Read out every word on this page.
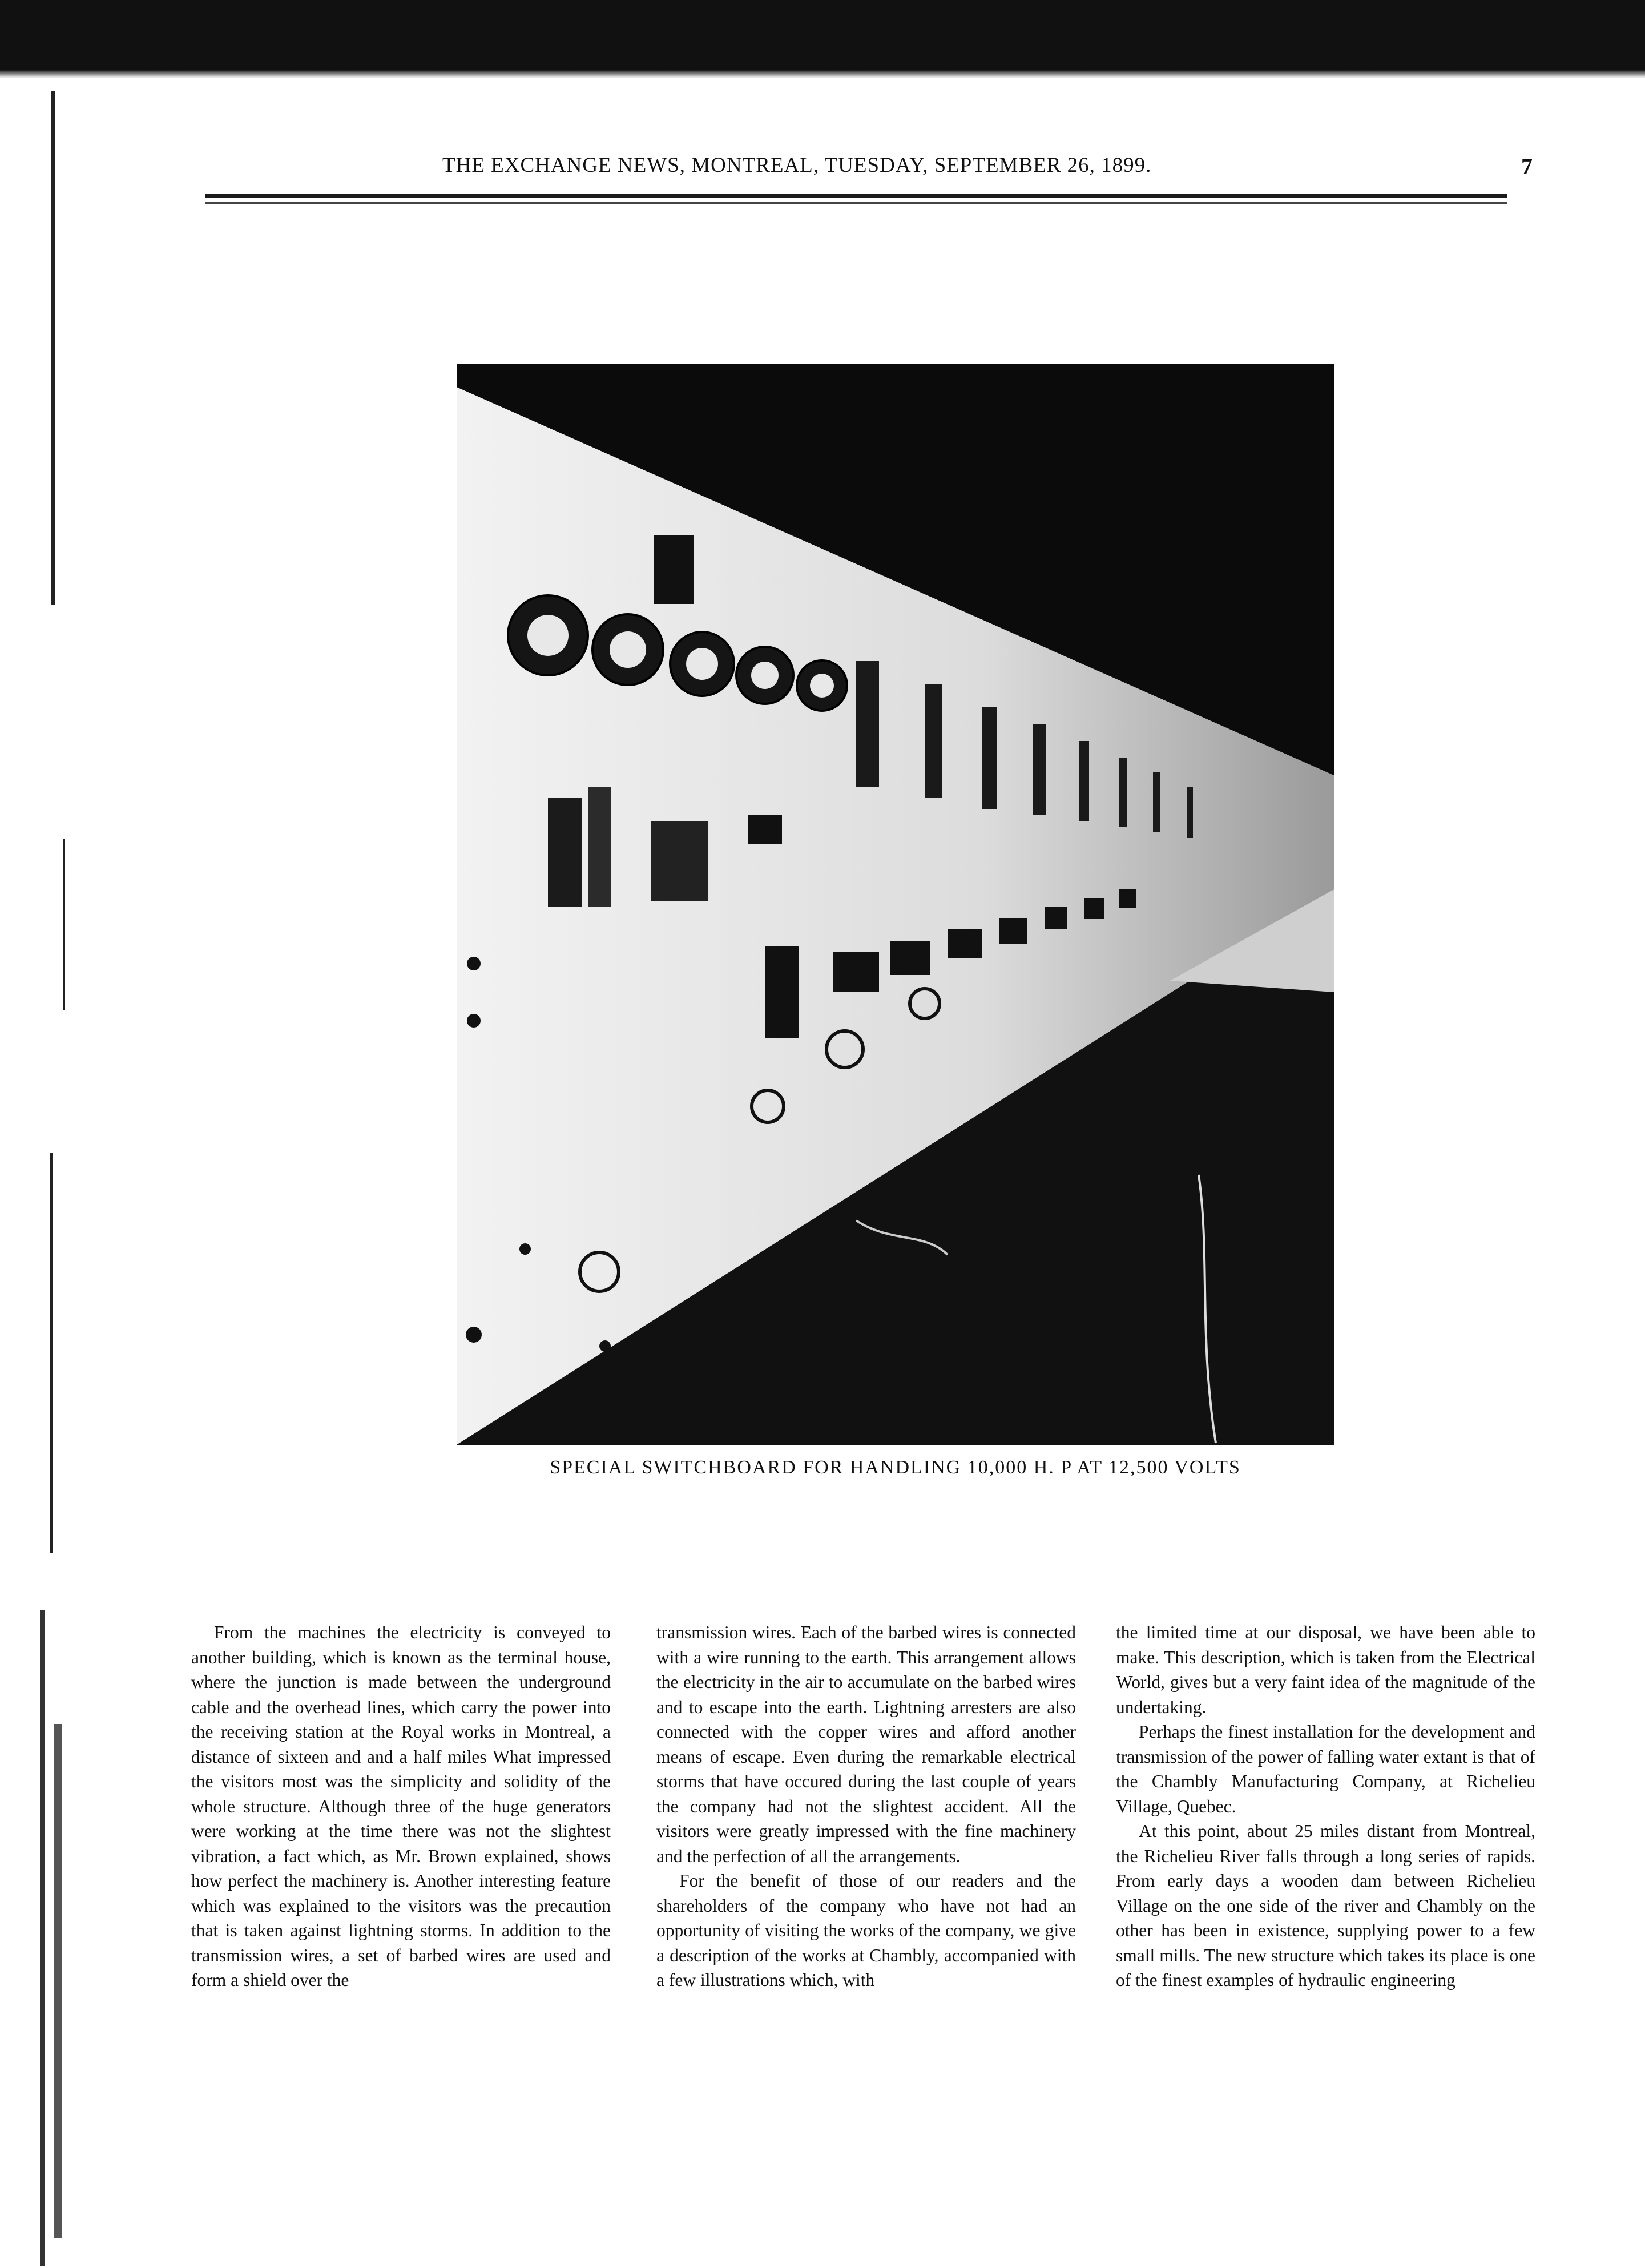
THE EXCHANGE NEWS, MONTREAL, TUESDAY, SEPTEMBER 26, 1899.	7
SPECIAL SWITCHBOARD FOR HANDLING 10,000 H. P AT 12,500 VOLTS

From the machines the electricity is conveyed to another building, which is known as the terminal house, where the junction is made between the underground cable and the overhead lines, which carry the power into the receiving station at the Royal works in Montreal, a distance of sixteen and and a half miles What impressed the visitors most was the simplicity and solidity of the whole structure. Although three of the huge generators were working at the time there was not the slightest vibration, a fact which, as Mr. Brown explained, shows how perfect the machinery is. Another interesting feature which was explained to the visitors was the precaution that is taken against lightning storms. In addition to the transmission wires, a set of barbed wires are used and form a shield over the

transmission wires. Each of the barbed wires is connected with a wire running to the earth. This arrangement allows the electricity in the air to accumulate on the barbed wires and to escape into the earth. Lightning arresters are also connected with the copper wires and afford another means of escape. Even during the remarkable electrical storms that have occured during the last couple of years the company had not the slightest accident. All the visitors were greatly impressed with the fine machinery and the perfection of all the arrangements.

For the benefit of those of our readers and the shareholders of the company who have not had an opportunity of visiting the works of the company, we give a description of the works at Chambly, accompanied with a few illustrations which, with

the limited time at our disposal, we have been able to make. This description, which is taken from the Electrical World, gives but a very faint idea of the magnitude of the undertaking.

Perhaps the finest installation for the development and transmission of the power of falling water extant is that of the Chambly Manufacturing Company, at Richelieu Village, Quebec.

At this point, about 25 miles distant from Montreal, the Richelieu River falls through a long series of rapids. From early days a wooden dam between Richelieu Village on the one side of the river and Chambly on the other has been in existence, supplying power to a few small mills. The new structure which takes its place is one of the finest examples of hydraulic engineering
